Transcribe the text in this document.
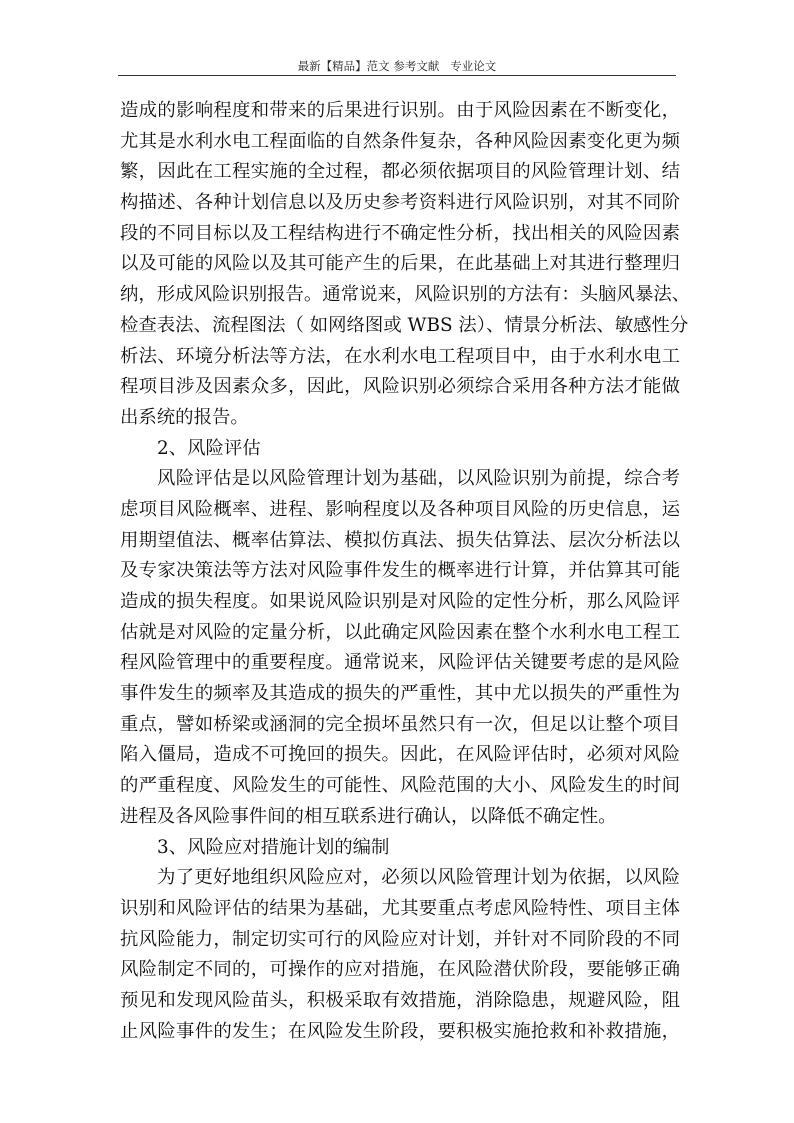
最新【精品】范文 参考文献   专业论文
造成的影响程度和带来的后果进行识别。由于风险因素在不断变化，
尤其是水利水电工程面临的自然条件复杂，各种风险因素变化更为频
繁，因此在工程实施的全过程，都必须依据项目的风险管理计划、结
构描述、各种计划信息以及历史参考资料进行风险识别，对其不同阶
段的不同目标以及工程结构进行不确定性分析，找出相关的风险因素
以及可能的风险以及其可能产生的后果，在此基础上对其进行整理归
纳，形成风险识别报告。通常说来，风险识别的方法有：头脑风暴法、
检查表法、流程图法（ 如网络图或 WBS 法）、情景分析法、敏感性分
析法、环境分析法等方法，在水利水电工程项目中，由于水利水电工
程项目涉及因素众多，因此，风险识别必须综合采用各种方法才能做
出系统的报告。
2、风险评估
风险评估是以风险管理计划为基础，以风险识别为前提，综合考
虑项目风险概率、进程、影响程度以及各种项目风险的历史信息，运
用期望值法、概率估算法、模拟仿真法、损失估算法、层次分析法以
及专家决策法等方法对风险事件发生的概率进行计算，并估算其可能
造成的损失程度。如果说风险识别是对风险的定性分析，那么风险评
估就是对风险的定量分析，以此确定风险因素在整个水利水电工程工
程风险管理中的重要程度。通常说来，风险评估关键要考虑的是风险
事件发生的频率及其造成的损失的严重性，其中尤以损失的严重性为
重点，譬如桥梁或涵洞的完全损坏虽然只有一次，但足以让整个项目
陷入僵局，造成不可挽回的损失。因此，在风险评估时，必须对风险
的严重程度、风险发生的可能性、风险范围的大小、风险发生的时间
进程及各风险事件间的相互联系进行确认，以降低不确定性。
3、风险应对措施计划的编制
为了更好地组织风险应对，必须以风险管理计划为依据，以风险
识别和风险评估的结果为基础，尤其要重点考虑风险特性、项目主体
抗风险能力，制定切实可行的风险应对计划，并针对不同阶段的不同
风险制定不同的，可操作的应对措施，在风险潜伏阶段，要能够正确
预见和发现风险苗头，积极采取有效措施，消除隐患，规避风险，阻
止风险事件的发生；在风险发生阶段，要积极实施抢救和补救措施，
